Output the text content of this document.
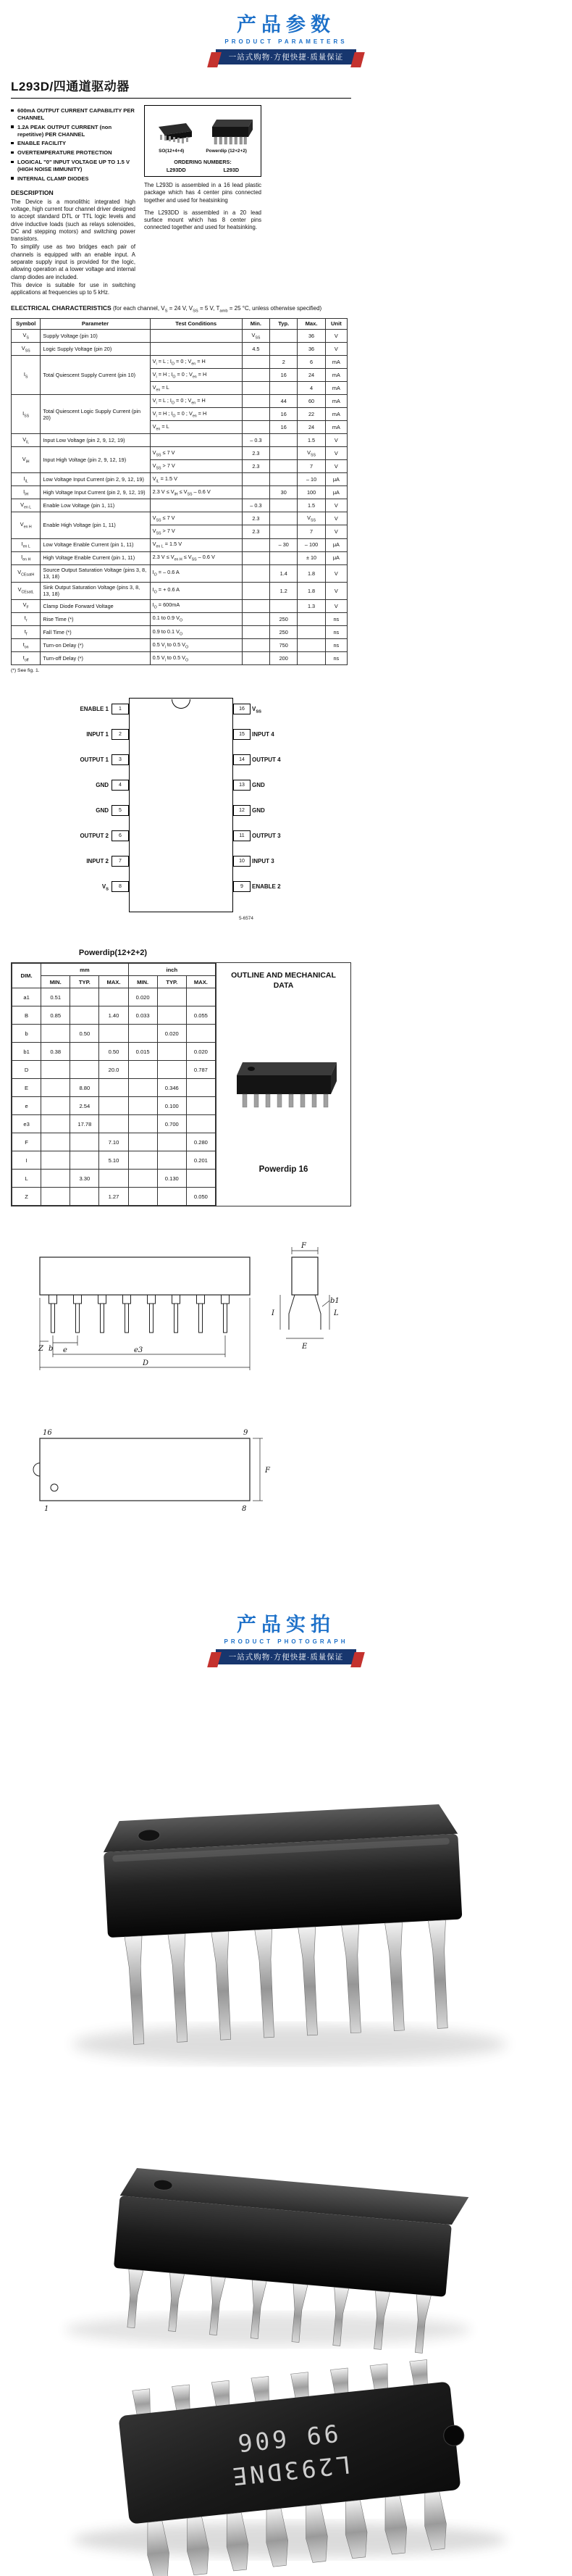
产品参数
PRODUCT PARAMETERS
一站式购物·方便快捷·质量保证
L293D/四通道驱动器
600mA OUTPUT CURRENT CAPABILITY PER CHANNEL
1.2A PEAK OUTPUT CURRENT (non repetitive) PER CHANNEL
ENABLE FACILITY
OVERTEMPERATURE PROTECTION
LOGICAL "0" INPUT VOLTAGE UP TO 1.5 V (HIGH NOISE IMMUNITY)
INTERNAL CLAMP DIODES
DESCRIPTION

The Device is a monolithic integrated high voltage, high current four channel driver designed to accept standard DTL or TTL logic levels and drive inductive loads (such as relays solenoides, DC and stepping motors) and switching power transistors.

To simplify use as two bridges each pair of channels is equipped with an enable input. A separate supply input is provided for the logic, allowing operation at a lower voltage and internal clamp diodes are included.

This device is suitable for use in switching applications at frequencies up to 5 kHz.

SO(12+4+4)	Powerdip (12+2+2)
ORDERING NUMBERS:
L293DD	L293D

The L293D is assembled in a 16 lead plastic package which has 4 center pins connected together and used for heatsinking

The L293DD is assembled in a 20 lead surface mount which has 8 center pins connected together and used for heatsinking.

ELECTRICAL CHARACTERISTICS (for each channel, $V_S = 24$ V, $V_{SS} = 5$ V, $T_{amb} = 25$ °C, unless otherwise specified)

Symbol	Parameter	Test Conditions	Min.	Typ.	Max.	Unit
$V_S$	Supply Voltage (pin 10)		$V_{SS}$		36	V
$V_{SS}$	Logic Supply Voltage (pin 20)		4.5		36	V
$I_S$	Total Quiescent Supply Current (pin 10)	$V_i = L$ ; $I_O = 0$ ; $V_{en} = H$		2	6	mA
		$V_i = H$ ; $I_O = 0$ ; $V_{en} = H$		16	24	mA
		$V_{en} = L$			4	mA
$I_{SS}$	Total Quiescent Logic Supply Current (pin 20)	$V_i = L$ ; $I_O = 0$ ; $V_{en} = H$		44	60	mA
		$V_i = H$ ; $I_O = 0$ ; $V_{en} = H$		16	22	mA
		$V_{en} = L$		16	24	mA
$V_{iL}$	Input Low Voltage (pin 2, 9, 12, 19)		– 0.3		1.5	V
$V_{iH}$	Input High Voltage (pin 2, 9, 12, 19)	$V_{SS} \le 7$ V	2.3		$V_{SS}$	V
		$V_{SS} > 7$ V	2.3		7	V
$I_{iL}$	Low Voltage Input Current (pin 2, 9, 12, 19)	$V_{iL} = 1.5$ V			– 10	μA
$I_{iH}$	High Voltage Input Current (pin 2, 9, 12, 19)	2.3 $V \le V_{iH} \le V_{SS} - 0.6$ V		30	100	μA
$V_{en L}$	Enable Low Voltage (pin 1, 11)		– 0.3		1.5	V
$V_{en H}$	Enable High Voltage (pin 1, 11)	$V_{SS} \le 7$ V	2.3		$V_{SS}$	V
		$V_{SS} > 7$ V	2.3		7	V
$I_{en L}$	Low Voltage Enable Current (pin 1, 11)	$V_{en L} = 1.5$ V		– 30	– 100	μA
$I_{en H}$	High Voltage Enable Current (pin 1, 11)	2.3 $V \le V_{en H} \le V_{SS} - 0.6$ V			± 10	μA
$V_{CEsatH}$	Source Output Saturation Voltage (pins 3, 8, 13, 18)	$I_O$ = – 0.6 A		1.4	1.8	V
$V_{CEsatL}$	Sink Output Saturation Voltage (pins 3, 8, 13, 18)	$I_O$ = + 0.6 A		1.2	1.8	V
$V_F$	Clamp Diode Forward Voltage	$I_O = 600mA$			1.3	V
$t_r$	Rise Time (*)	0.1 to 0.9 $V_O$		250		ns
$t_f$	Fall Time (*)	0.9 to 0.1 $V_O$		250		ns
$t_{on}$	Turn-on Delay (*)	0.5 $V_i$ to 0.5 $V_O$		750		ns
$t_{off}$	Turn-off Delay (*)	0.5 $V_i$ to 0.5 $V_O$		200		ns

(*) See fig. 1.

5-6574
ENABLE 1	1
INPUT 1	2
OUTPUT 1	3
GND	4
GND	5
OUTPUT 2	6
INPUT 2	7
$V_S$
8
$V_{SS}$
16
INPUT 4
15
OUTPUT 4
14
GND
13
GND
12
OUTPUT 3
11
INPUT 3
10
ENABLE 2
9
Powerdip(12+2+2)
DIM.	mm			inch		
	MIN.	TYP.	MAX.	MIN.	TYP.	MAX.
a1	0.51			0.020		
B	0.85		1.40	0.033		0.055
b		0.50			0.020	
b1	0.38		0.50	0.015		0.020
D			20.0			0.787
E		8.80			0.346	
e		2.54			0.100	
e3		17.78			0.700	
F			7.10			0.280
I			5.10			0.201
L		3.30			0.130	
Z			1.27			0.050
OUTLINE AND MECHANICAL DATA
Powerdip 16
Z b e	e3
D
F
b1
L
I
E
16	9
1	8
F
产品实拍
PRODUCT PHOTOGRAPH
一站式购物·方便快捷·质量保证
L293DNE
99 606
